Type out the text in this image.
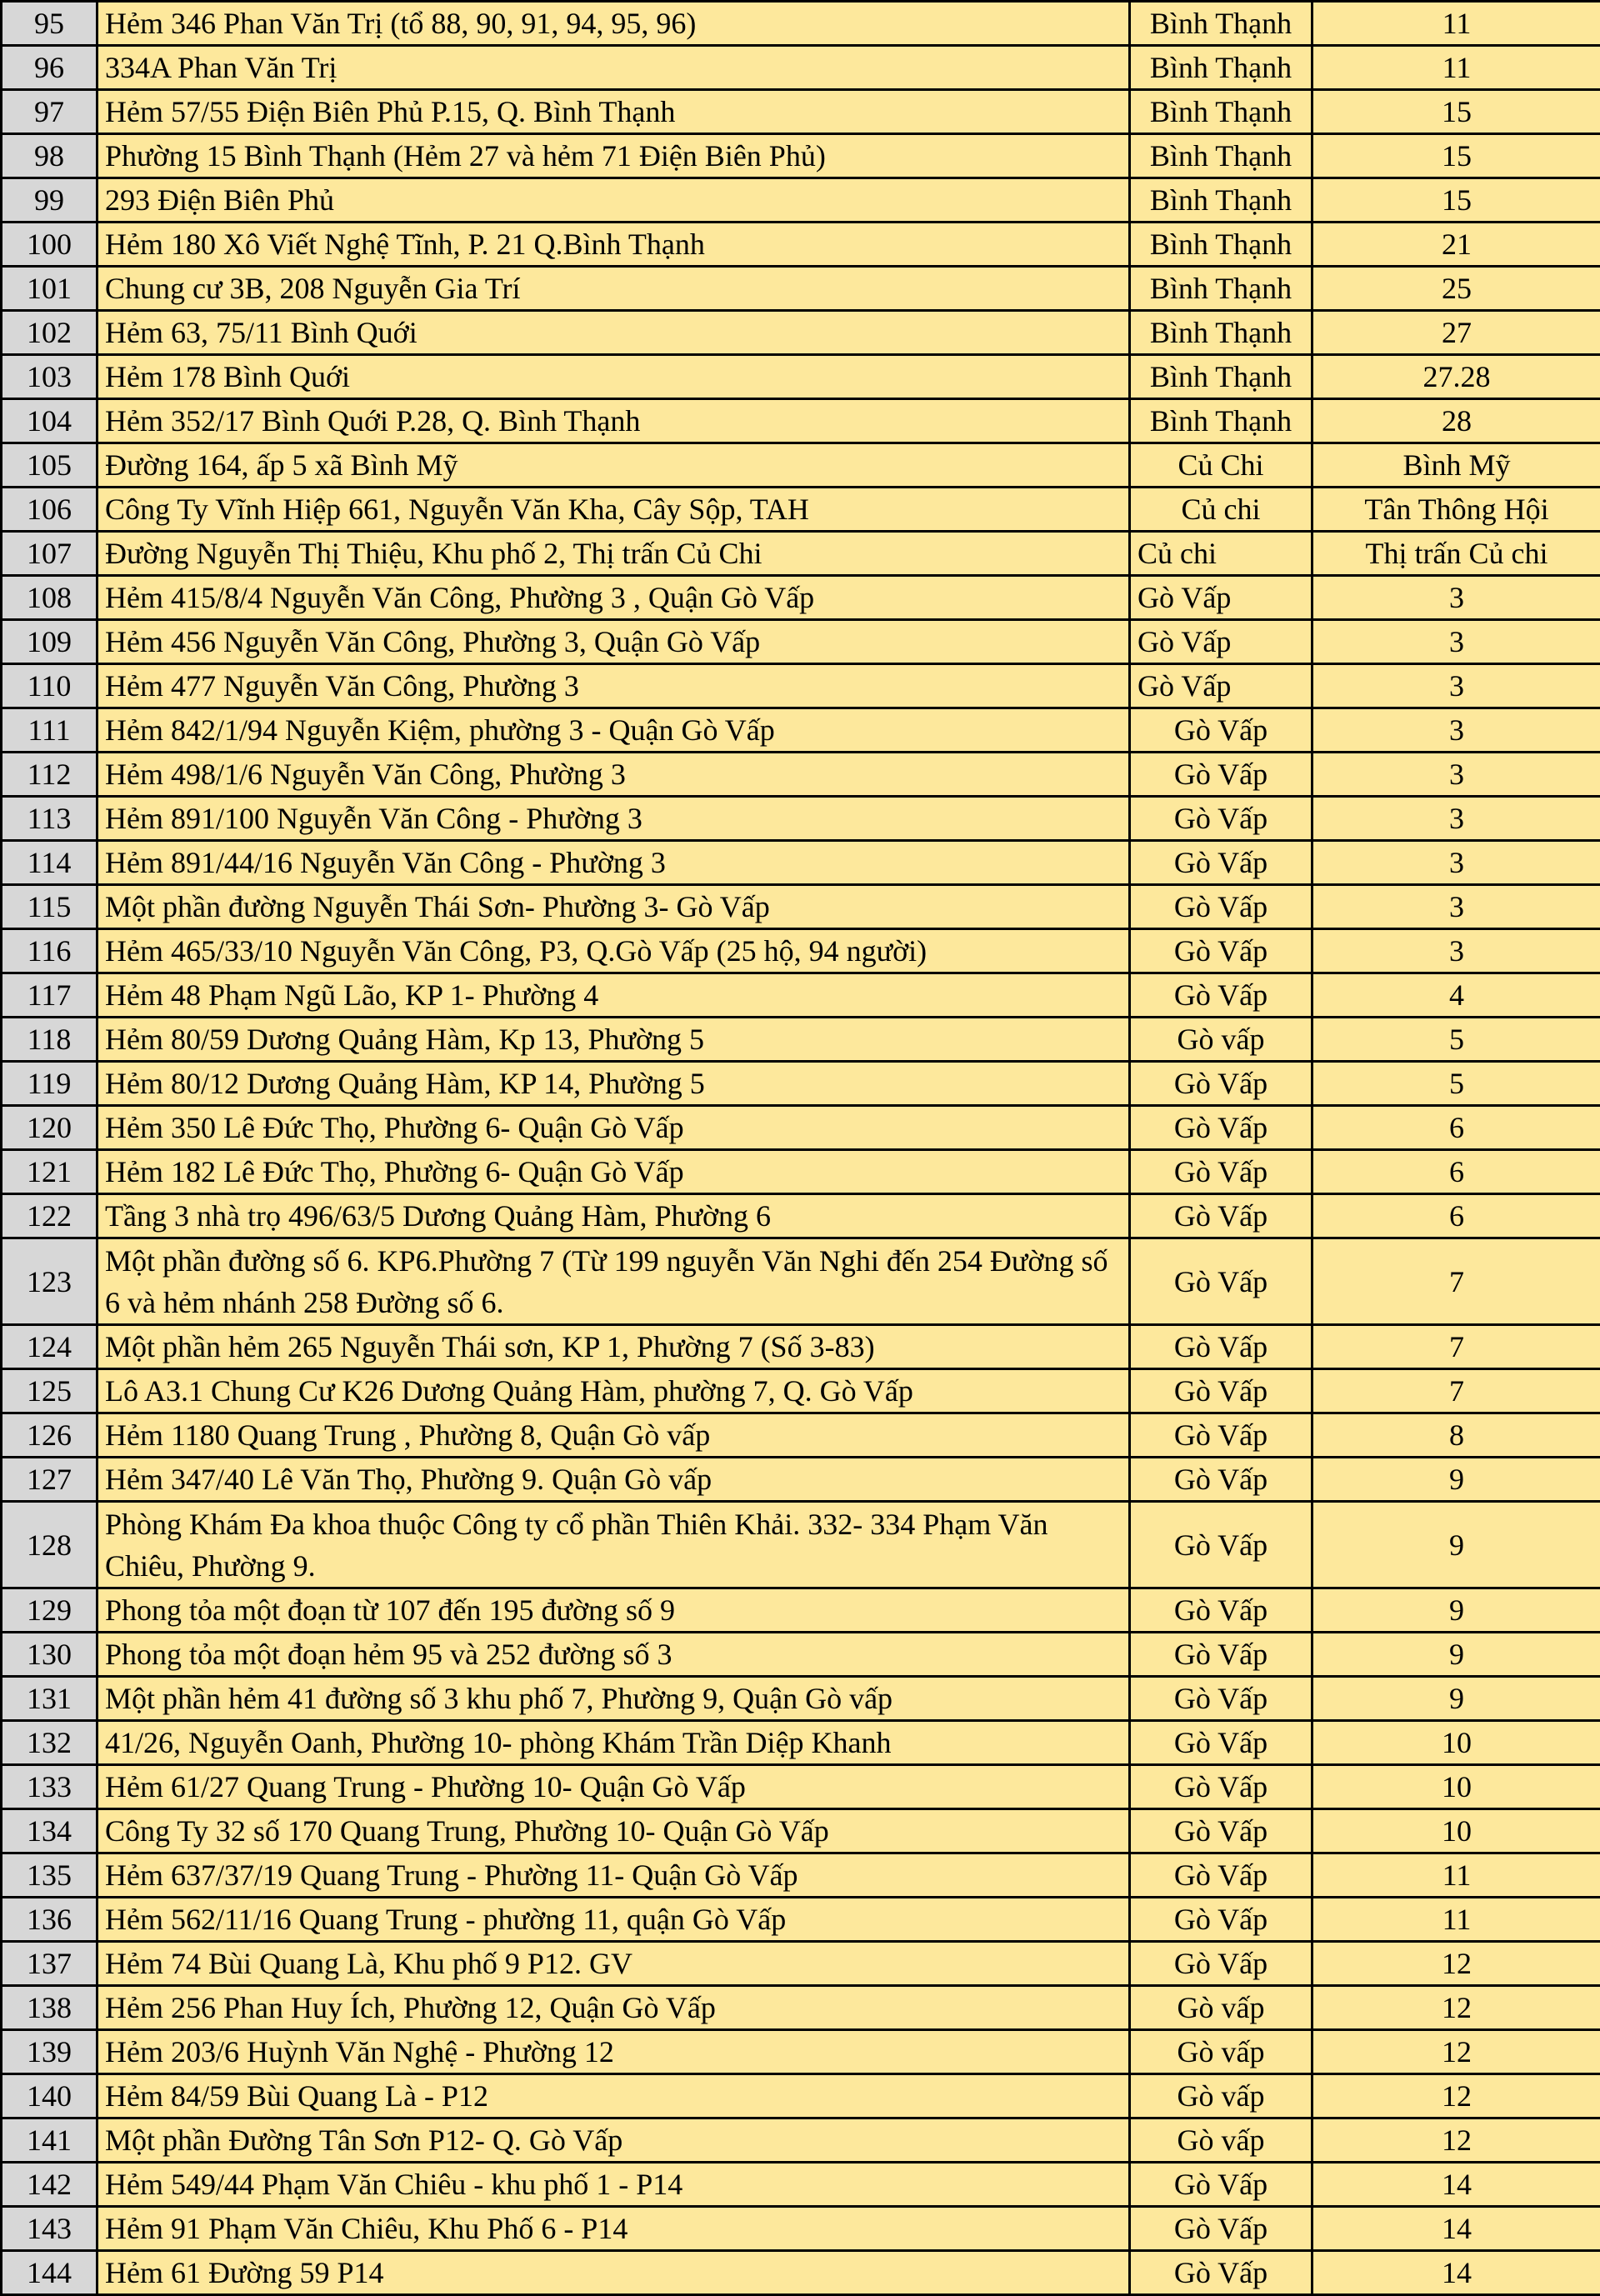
95	Hẻm 346 Phan Văn Trị (tổ 88, 90, 91, 94, 95, 96)	Bình Thạnh	11
96	334A Phan Văn Trị	Bình Thạnh	11
97	Hẻm 57/55 Điện Biên Phủ P.15, Q. Bình Thạnh	Bình Thạnh	15
98	Phường 15 Bình Thạnh (Hẻm 27 và hẻm 71 Điện Biên Phủ)	Bình Thạnh	15
99	293 Điện Biên Phủ	Bình Thạnh	15
100	Hẻm 180 Xô Viết Nghệ Tĩnh, P. 21 Q.Bình Thạnh	Bình Thạnh	21
101	Chung cư 3B, 208 Nguyễn Gia Trí	Bình Thạnh	25
102	Hẻm 63, 75/11 Bình Quới	Bình Thạnh	27
103	Hẻm 178 Bình Quới	Bình Thạnh	27.28
104	Hẻm 352/17 Bình Quới P.28, Q. Bình Thạnh	Bình Thạnh	28
105	Đường 164, ấp 5 xã Bình Mỹ	Củ Chi	Bình Mỹ
106	Công Ty Vĩnh Hiệp 661, Nguyễn Văn Kha, Cây Sộp, TAH	Củ chi	Tân Thông Hội
107	Đường Nguyễn Thị Thiệu, Khu phố 2, Thị trấn Củ Chi	Củ chi	Thị trấn Củ chi
108	Hẻm 415/8/4 Nguyễn Văn Công, Phường 3 , Quận Gò Vấp	Gò Vấp	3
109	Hẻm 456 Nguyễn Văn Công, Phường 3, Quận Gò Vấp	Gò Vấp	3
110	Hẻm 477 Nguyễn Văn Công, Phường 3	Gò Vấp	3
111	Hẻm 842/1/94 Nguyễn Kiệm, phường 3 - Quận Gò Vấp	Gò Vấp	3
112	Hẻm 498/1/6 Nguyễn Văn Công, Phường 3	Gò Vấp	3
113	Hẻm 891/100 Nguyễn Văn Công - Phường 3	Gò Vấp	3
114	Hẻm 891/44/16 Nguyễn Văn Công - Phường 3	Gò Vấp	3
115	Một phần đường Nguyễn Thái Sơn- Phường 3- Gò Vấp	Gò Vấp	3
116	Hẻm 465/33/10 Nguyễn Văn Công, P3, Q.Gò Vấp (25 hộ, 94 người)	Gò Vấp	3
117	Hẻm 48 Phạm Ngũ Lão, KP 1- Phường 4	Gò Vấp	4
118	Hẻm 80/59 Dương Quảng Hàm, Kp 13, Phường 5	Gò vấp	5
119	Hẻm 80/12 Dương Quảng Hàm, KP 14, Phường 5	Gò Vấp	5
120	Hẻm 350 Lê Đức Thọ, Phường 6- Quận Gò Vấp	Gò Vấp	6
121	Hẻm 182 Lê Đức Thọ, Phường 6- Quận Gò Vấp	Gò Vấp	6
122	Tầng 3 nhà trọ 496/63/5 Dương Quảng Hàm, Phường 6	Gò Vấp	6
123	Một phần đường số 6. KP6.Phường 7 (Từ 199 nguyễn Văn Nghi đến 254 Đường số 6 và hẻm nhánh 258 Đường số 6.	Gò Vấp	7
124	Một phần hẻm 265 Nguyễn Thái sơn, KP 1, Phường 7 (Số 3-83)	Gò Vấp	7
125	Lô A3.1 Chung Cư K26 Dương Quảng Hàm, phường 7, Q. Gò Vấp	Gò Vấp	7
126	Hẻm 1180 Quang Trung , Phường 8, Quận Gò vấp	Gò Vấp	8
127	Hẻm 347/40 Lê Văn Thọ, Phường 9. Quận Gò vấp	Gò Vấp	9
128	Phòng Khám Đa khoa thuộc Công ty cổ phần Thiên Khải. 332- 334 Phạm Văn Chiêu, Phường 9.	Gò Vấp	9
129	Phong tỏa một đoạn từ 107 đến 195 đường số 9	Gò Vấp	9
130	Phong tỏa một đoạn hẻm 95 và 252 đường số 3	Gò Vấp	9
131	Một phần hẻm 41 đường số 3 khu phố 7, Phường 9, Quận Gò vấp	Gò Vấp	9
132	41/26, Nguyễn Oanh, Phường 10- phòng Khám Trần Diệp Khanh	Gò Vấp	10
133	Hẻm 61/27 Quang Trung - Phường 10- Quận Gò Vấp	Gò Vấp	10
134	Công Ty 32 số 170 Quang Trung, Phường 10- Quận Gò Vấp	Gò Vấp	10
135	Hẻm 637/37/19 Quang Trung - Phường 11- Quận Gò Vấp	Gò Vấp	11
136	Hẻm 562/11/16 Quang Trung - phường 11, quận Gò Vấp	Gò Vấp	11
137	Hẻm 74 Bùi Quang Là, Khu phố 9 P12. GV	Gò Vấp	12
138	Hẻm 256 Phan Huy Ích, Phường 12, Quận Gò Vấp	Gò vấp	12
139	Hẻm 203/6 Huỳnh Văn Nghệ - Phường 12	Gò vấp	12
140	Hẻm 84/59 Bùi Quang Là - P12	Gò vấp	12
141	Một phần Đường Tân Sơn P12- Q. Gò Vấp	Gò vấp	12
142	Hẻm 549/44 Phạm Văn Chiêu - khu phố 1 - P14	Gò Vấp	14
143	Hẻm 91 Phạm Văn Chiêu, Khu Phố 6 - P14	Gò Vấp	14
144	Hẻm 61 Đường 59 P14	Gò Vấp	14
